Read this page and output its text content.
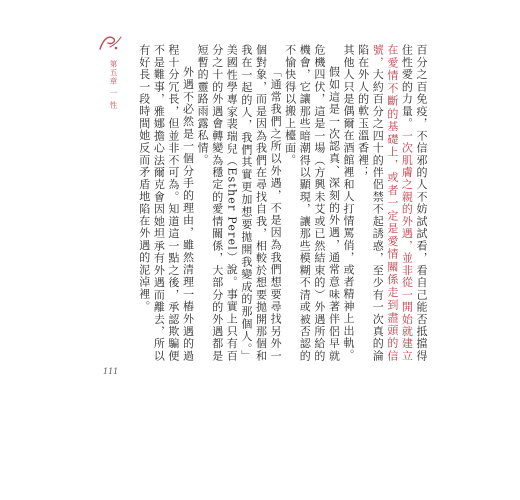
第五章 一 性	百分之百免疫，不信邪的人不妨試試看，看自己能否抵擋得住性愛的力量。一次肌膚之親的外遇，並非從一開始就建立在愛情不斷的基礎上，或者一定是愛情關係走到盡頭的信號，大約百分之四十的伴侶禁不起誘惑，至少有一次真的淪陷在外人的軟玉溫香裡；

其他人只是偶爾在酒館裡和人打情罵俏，或者精神上出軌。

假如這是一次認真、深刻的外遇，通常意味著伴侶早就危機四伏，這是一場（方興未艾或已然結束的）外遇所給的機會，它讓那些暗潮得以顯現，讓那些模糊不清或被否認的不愉快得以搬上檯面。

「通常我們之所以外遇，不是因為我們想要尋找另外一個對象，而是因為我們在尋找自我，相較於想要拋開那個和我在一起的人，我們其實更加想要拋開我變成的那個人。」美國性學專家裴瑞兒（Esther Perel）說。事實上只有百分之十的外遇會轉變為穩定的愛情關係，大部分的外遇都是短暫的靈路雨露私情。

外遇不必然是一個分手的理由，雖然清理一樁外遇的過程十分冗長，但並非不可為。知道這一點之後，承認欺騙便不是難事，雅娜擔心法爾克會因她坦承有外遇而離去，所以有好長一段時間她反而矛盾地陷在外遇的泥淖裡。

111
